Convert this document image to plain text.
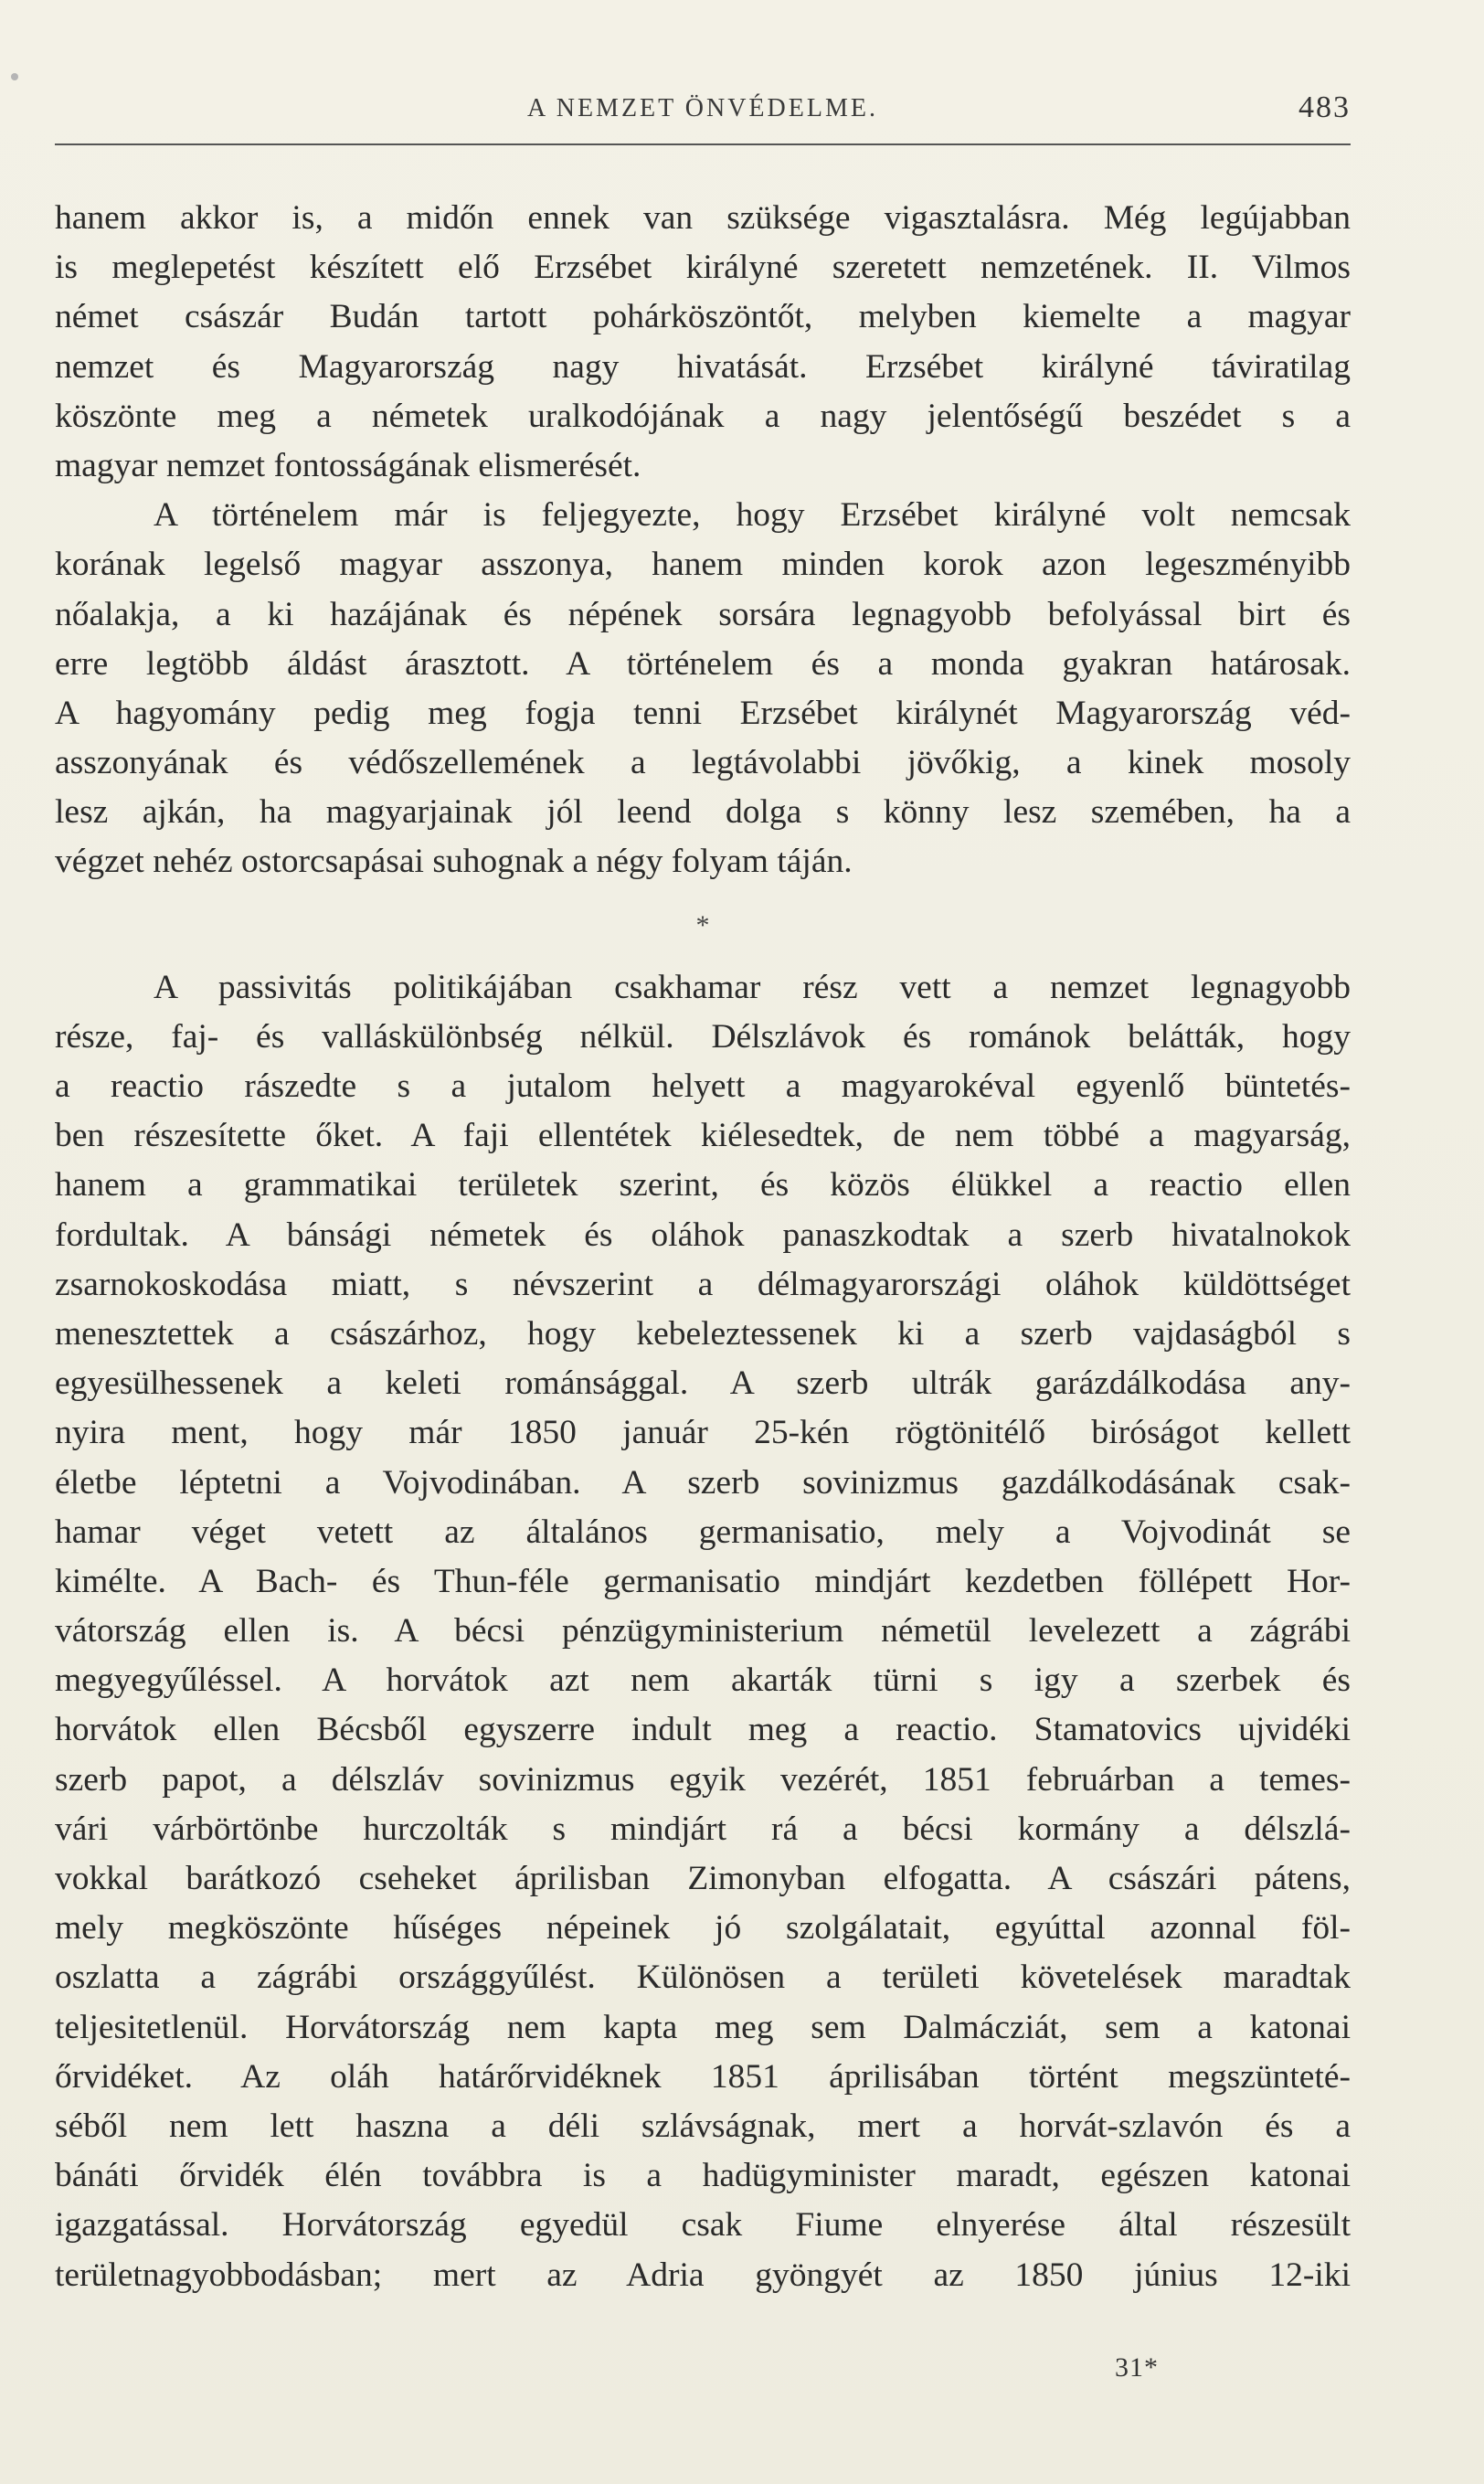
A NEMZET ÖNVÉDELME.	483
hanem akkor is, a midőn ennek van szüksége vigasztalásra. Még legújabban
is meglepetést készített elő Erzsébet királyné szeretett nemzetének. II. Vilmos
német császár Budán tartott pohárköszöntőt, melyben kiemelte a magyar
nemzet és Magyarország nagy hivatását. Erzsébet királyné táviratilag
köszönte meg a németek uralkodójának a nagy jelentőségű beszédet s a
magyar nemzet fontosságának elismerését.
A történelem már is feljegyezte, hogy Erzsébet királyné volt nemcsak
korának legelső magyar asszonya, hanem minden korok azon legeszményibb
nőalakja, a ki hazájának és népének sorsára legnagyobb befolyással birt és
erre legtöbb áldást árasztott. A történelem és a monda gyakran határosak.
A hagyomány pedig meg fogja tenni Erzsébet királynét Magyarország véd-
asszonyának és védőszellemének a legtávolabbi jövőkig, a kinek mosoly
lesz ajkán, ha magyarjainak jól leend dolga s könny lesz szemében, ha a
végzet nehéz ostorcsapásai suhognak a négy folyam táján.
*
A passivitás politikájában csakhamar rész vett a nemzet legnagyobb
része, faj- és valláskülönbség nélkül. Délszlávok és románok belátták, hogy
a reactio rászedte s a jutalom helyett a magyarokéval egyenlő büntetés-
ben részesítette őket. A faji ellentétek kiélesedtek, de nem többé a magyarság,
hanem a grammatikai területek szerint, és közös élükkel a reactio ellen
fordultak. A bánsági németek és oláhok panaszkodtak a szerb hivatalnokok
zsarnokoskodása miatt, s névszerint a délmagyarországi oláhok küldöttséget
menesztettek a császárhoz, hogy kebeleztessenek ki a szerb vajdaságból s
egyesülhessenek a keleti románsággal. A szerb ultrák garázdálkodása any-
nyira ment, hogy már 1850 január 25-kén rögtönitélő biróságot kellett
életbe léptetni a Vojvodinában. A szerb sovinizmus gazdálkodásának csak-
hamar véget vetett az általános germanisatio, mely a Vojvodinát se
kimélte. A Bach- és Thun-féle germanisatio mindjárt kezdetben föllépett Hor-
vátország ellen is. A bécsi pénzügyministerium németül levelezett a zágrábi
megyegyűléssel. A horvátok azt nem akarták türni s igy a szerbek és
horvátok ellen Bécsből egyszerre indult meg a reactio. Stamatovics ujvidéki
szerb papot, a délszláv sovinizmus egyik vezérét, 1851 februárban a temes-
vári várbörtönbe hurczolták s mindjárt rá a bécsi kormány a délszlá-
vokkal barátkozó cseheket áprilisban Zimonyban elfogatta. A császári pátens,
mely megköszönte hűséges népeinek jó szolgálatait, egyúttal azonnal föl-
oszlatta a zágrábi országgyűlést. Különösen a területi követelések maradtak
teljesitetlenül. Horvátország nem kapta meg sem Dalmácziát, sem a katonai
őrvidéket. Az oláh határőrvidéknek 1851 áprilisában történt megszünteté-
séből nem lett haszna a déli szlávságnak, mert a horvát-szlavón és a
bánáti őrvidék élén továbbra is a hadügyminister maradt, egészen katonai
igazgatással. Horvátország egyedül csak Fiume elnyerése által részesült
területnagyobbodásban; mert az Adria gyöngyét az 1850 június 12-iki
31*
